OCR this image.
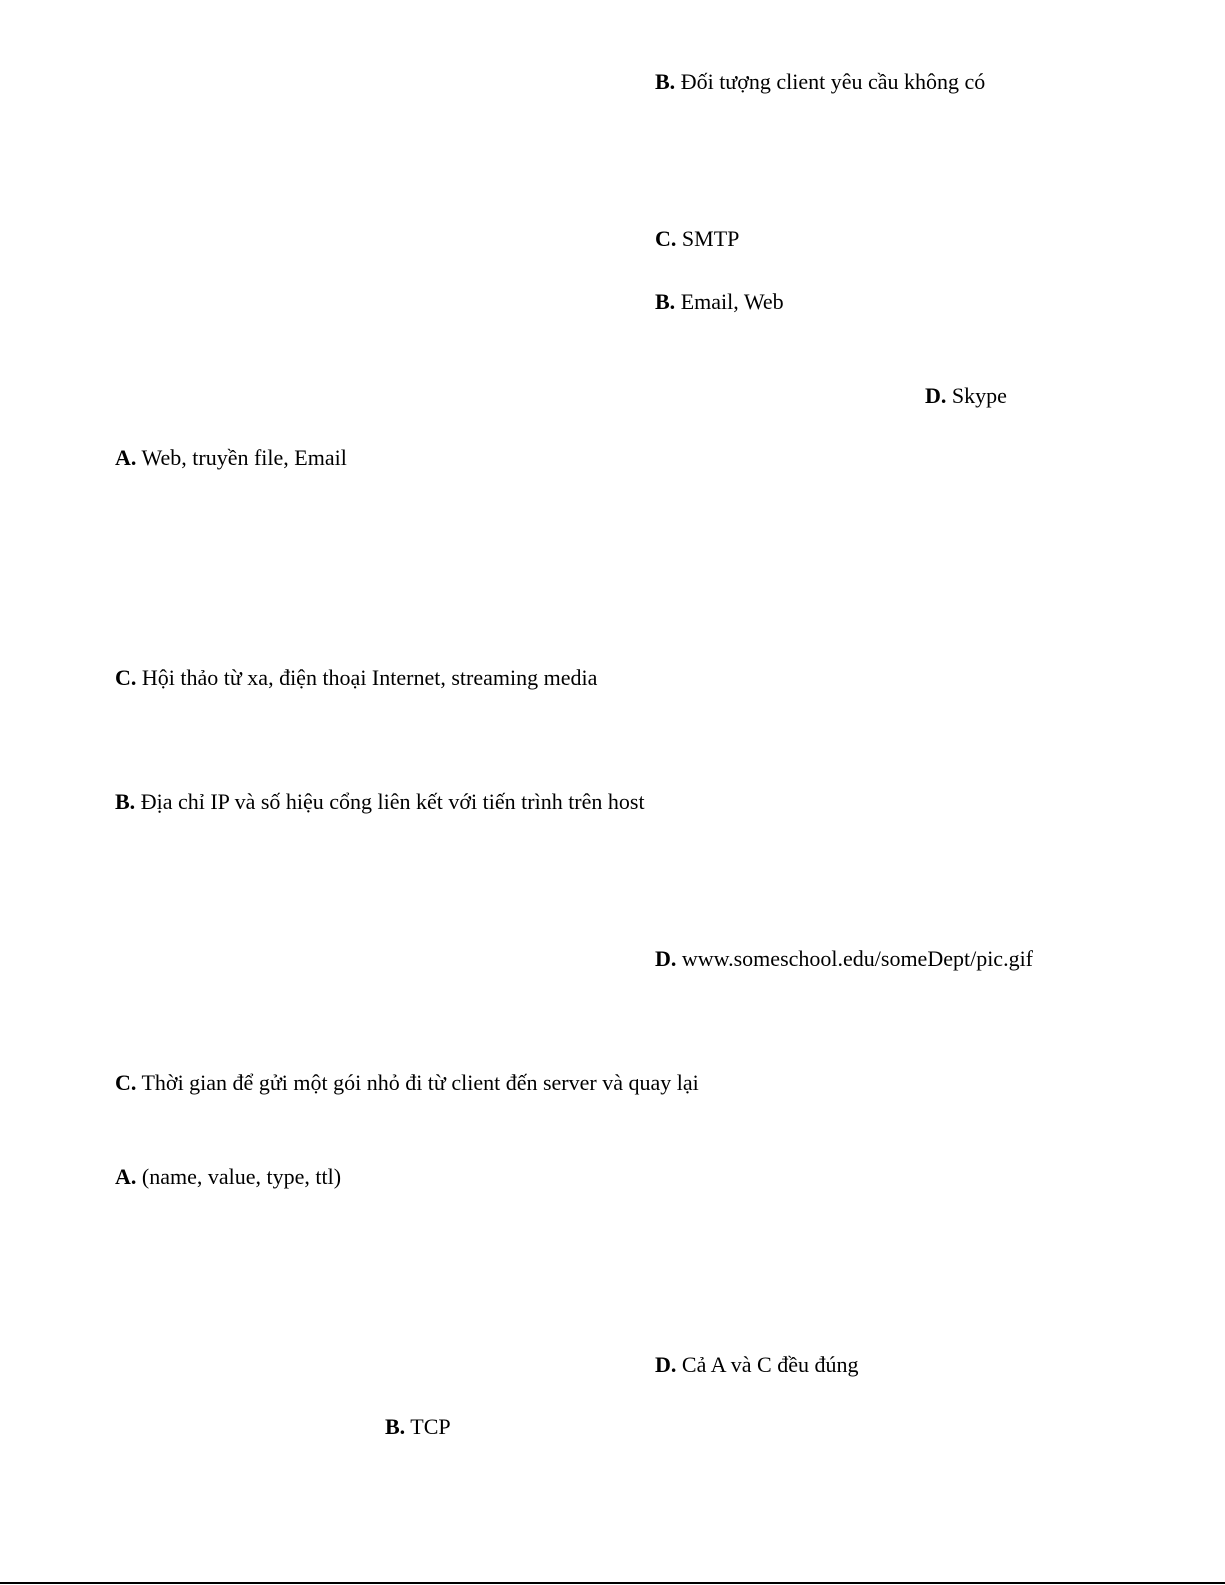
B. Đối tượng client yêu cầu không có
C. SMTP
B. Email, Web
D. Skype
A. Web, truyền file, Email
C. Hội thảo từ xa, điện thoại Internet, streaming media
B. Địa chỉ IP và số hiệu cổng liên kết với tiến trình trên host
D. www.someschool.edu/someDept/pic.gif
C. Thời gian để gửi một gói nhỏ đi từ client đến server và quay lại
A. (name, value, type, ttl)
D. Cả A và C đều đúng
B. TCP
